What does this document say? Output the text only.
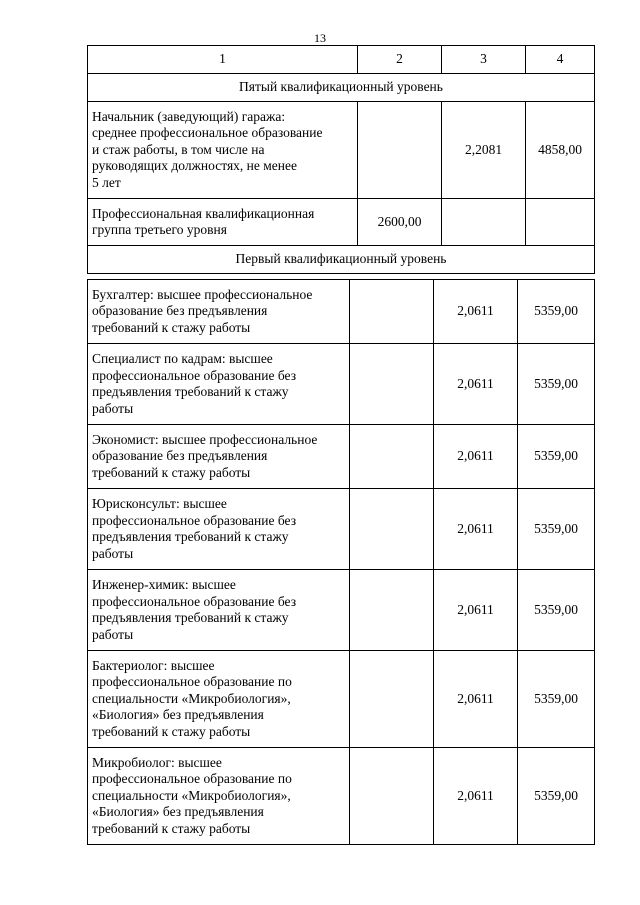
13
1	2	3	4
Пятый квалификационный уровень			
Начальник (заведующий) гаража:
среднее профессиональное образование
и стаж работы, в том числе на
руководящих должностях, не менее
5 лет		2,2081	4858,00
Профессиональная квалификационная
группа третьего уровня	2600,00		
Первый квалификационный уровень			
Бухгалтер: высшее профессиональное
образование без предъявления
требований к стажу работы		2,0611	5359,00
Специалист по кадрам: высшее
профессиональное образование без
предъявления требований к стажу
работы		2,0611	5359,00
Экономист: высшее профессиональное
образование без предъявления
требований к стажу работы		2,0611	5359,00
Юрисконсульт: высшее
профессиональное образование без
предъявления требований к стажу
работы		2,0611	5359,00
Инженер-химик: высшее
профессиональное образование без
предъявления требований к стажу
работы		2,0611	5359,00
Бактериолог: высшее
профессиональное образование по
специальности «Микробиология»,
«Биология» без предъявления
требований к стажу работы		2,0611	5359,00
Микробиолог: высшее
профессиональное образование по
специальности «Микробиология»,
«Биология» без предъявления
требований к стажу работы		2,0611	5359,00
